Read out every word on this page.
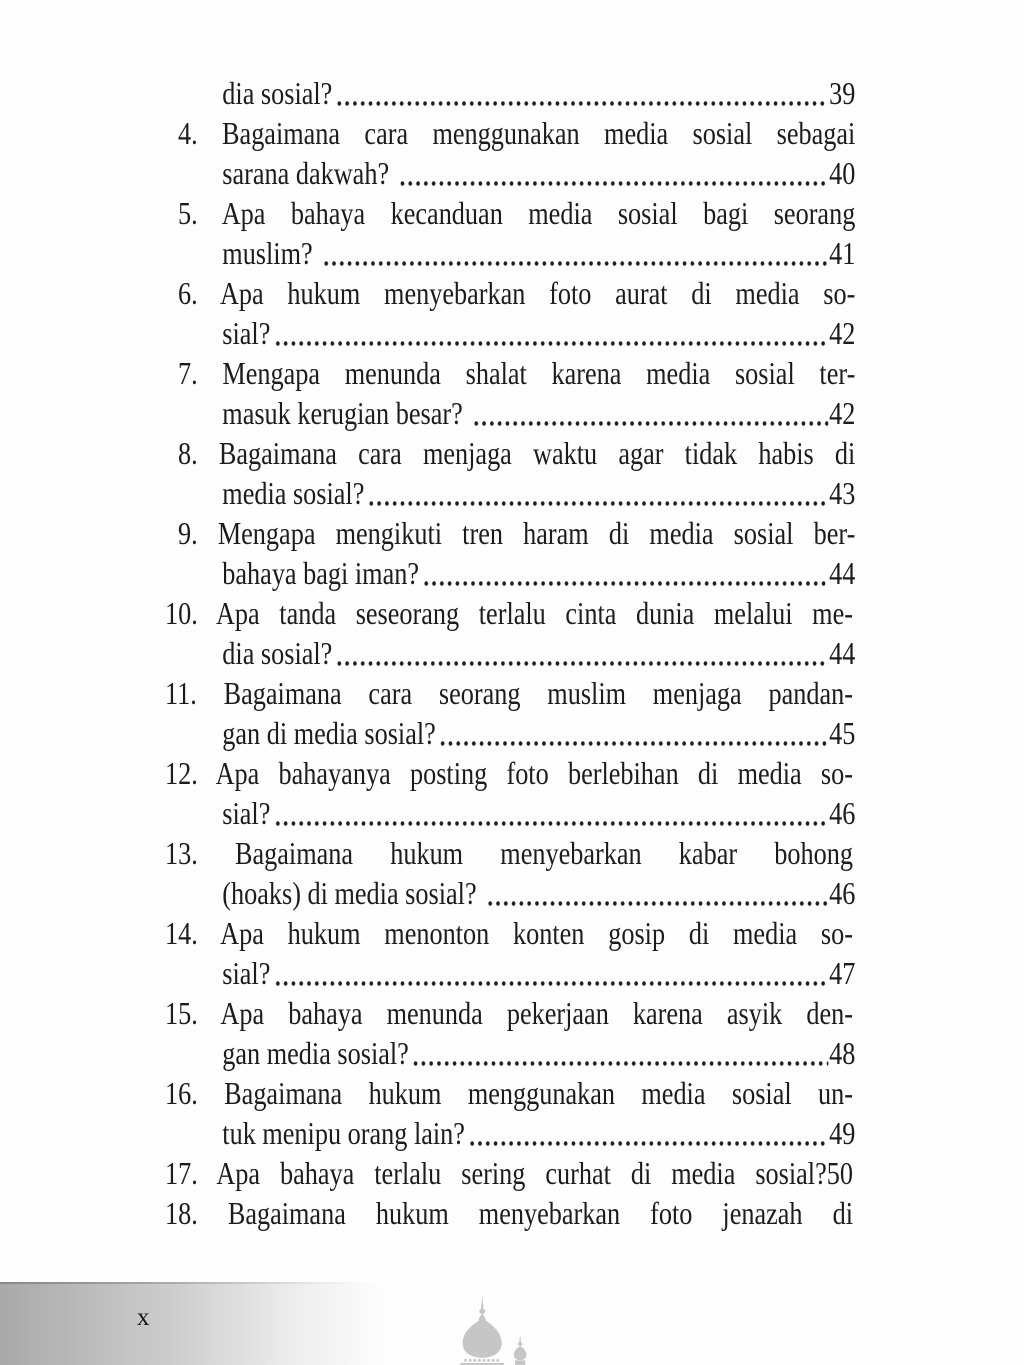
dia sosial?	39
4. Bagaimana cara menggunakan media sosial sebagai
sarana dakwah?	40
5. Apa bahaya kecanduan media sosial bagi seorang
muslim?	41
6. Apa hukum menyebarkan foto aurat di media so-
sial?	42
7. Mengapa menunda shalat karena media sosial ter-
masuk kerugian besar?	42
8. Bagaimana cara menjaga waktu agar tidak habis di
media sosial?	43
9. Mengapa mengikuti tren haram di media sosial ber-
bahaya bagi iman?	44
10. Apa tanda seseorang terlalu cinta dunia melalui me-
dia sosial?	44
11. Bagaimana cara seorang muslim menjaga pandan-
gan di media sosial?	45
12. Apa bahayanya posting foto berlebihan di media so-
sial?	46
13. Bagaimana hukum menyebarkan kabar bohong
(hoaks) di media sosial?	46
14. Apa hukum menonton konten gosip di media so-
sial?	47
15. Apa bahaya menunda pekerjaan karena asyik den-
gan media sosial?	48
16. Bagaimana hukum menggunakan media sosial un-
tuk menipu orang lain?	49
17. Apa bahaya terlalu sering curhat di media sosial?50
18. Bagaimana hukum menyebarkan foto jenazah di
x
